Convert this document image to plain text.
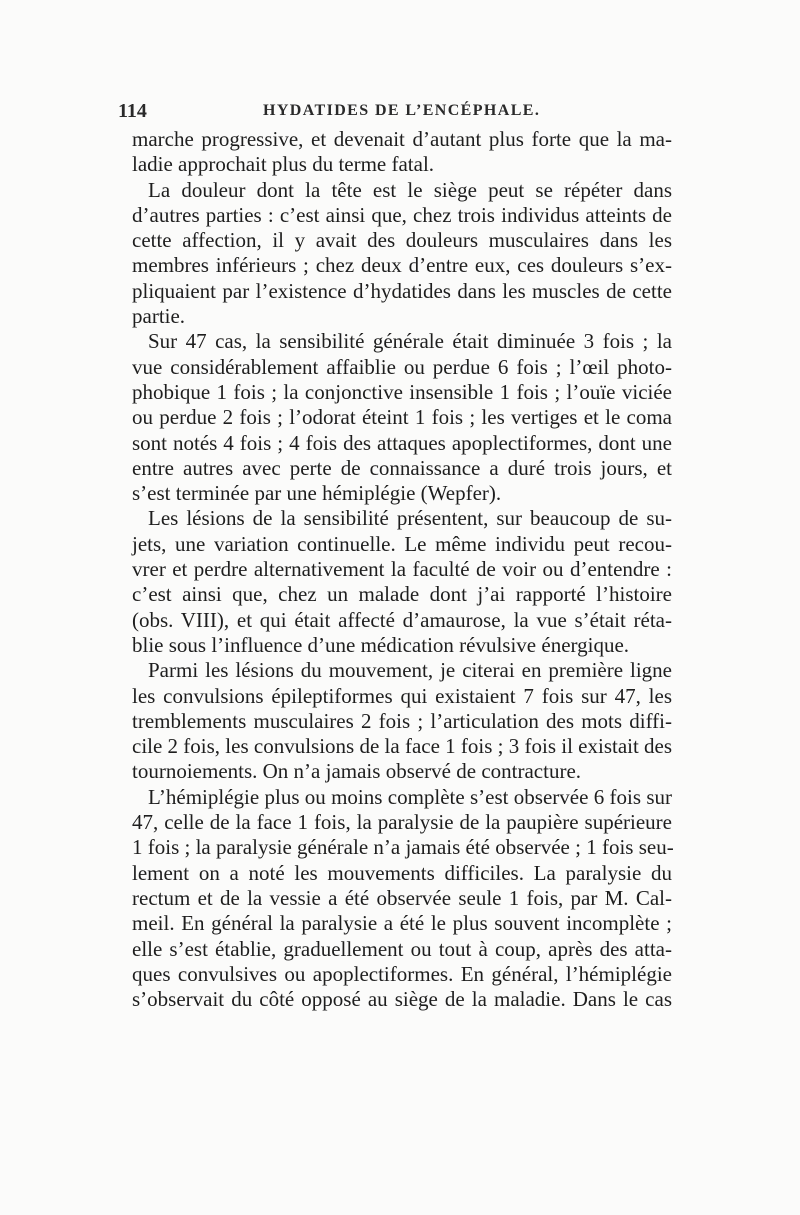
114	HYDATIDES DE L’ENCÉPHALE.
marche progressive, et devenait d’autant plus forte que la ma-
ladie approchait plus du terme fatal.
La douleur dont la tête est le siège peut se répéter dans
d’autres parties : c’est ainsi que, chez trois individus atteints de
cette affection, il y avait des douleurs musculaires dans les
membres inférieurs ; chez deux d’entre eux, ces douleurs s’ex-
pliquaient par l’existence d’hydatides dans les muscles de cette
partie.
Sur 47 cas, la sensibilité générale était diminuée 3 fois ; la
vue considérablement affaiblie ou perdue 6 fois ; l’œil photo-
phobique 1 fois ; la conjonctive insensible 1 fois ; l’ouïe viciée
ou perdue 2 fois ; l’odorat éteint 1 fois ; les vertiges et le coma
sont notés 4 fois ; 4 fois des attaques apoplectiformes, dont une
entre autres avec perte de connaissance a duré trois jours, et
s’est terminée par une hémiplégie (Wepfer).
Les lésions de la sensibilité présentent, sur beaucoup de su-
jets, une variation continuelle. Le même individu peut recou-
vrer et perdre alternativement la faculté de voir ou d’entendre :
c’est ainsi que, chez un malade dont j’ai rapporté l’histoire
(obs. VIII), et qui était affecté d’amaurose, la vue s’était réta-
blie sous l’influence d’une médication révulsive énergique.
Parmi les lésions du mouvement, je citerai en première ligne
les convulsions épileptiformes qui existaient 7 fois sur 47, les
tremblements musculaires 2 fois ; l’articulation des mots diffi-
cile 2 fois, les convulsions de la face 1 fois ; 3 fois il existait des
tournoiements. On n’a jamais observé de contracture.
L’hémiplégie plus ou moins complète s’est observée 6 fois sur
47, celle de la face 1 fois, la paralysie de la paupière supérieure
1 fois ; la paralysie générale n’a jamais été observée ; 1 fois seu-
lement on a noté les mouvements difficiles. La paralysie du
rectum et de la vessie a été observée seule 1 fois, par M. Cal-
meil. En général la paralysie a été le plus souvent incomplète ;
elle s’est établie, graduellement ou tout à coup, après des atta-
ques convulsives ou apoplectiformes. En général, l’hémiplégie
s’observait du côté opposé au siège de la maladie. Dans le cas
